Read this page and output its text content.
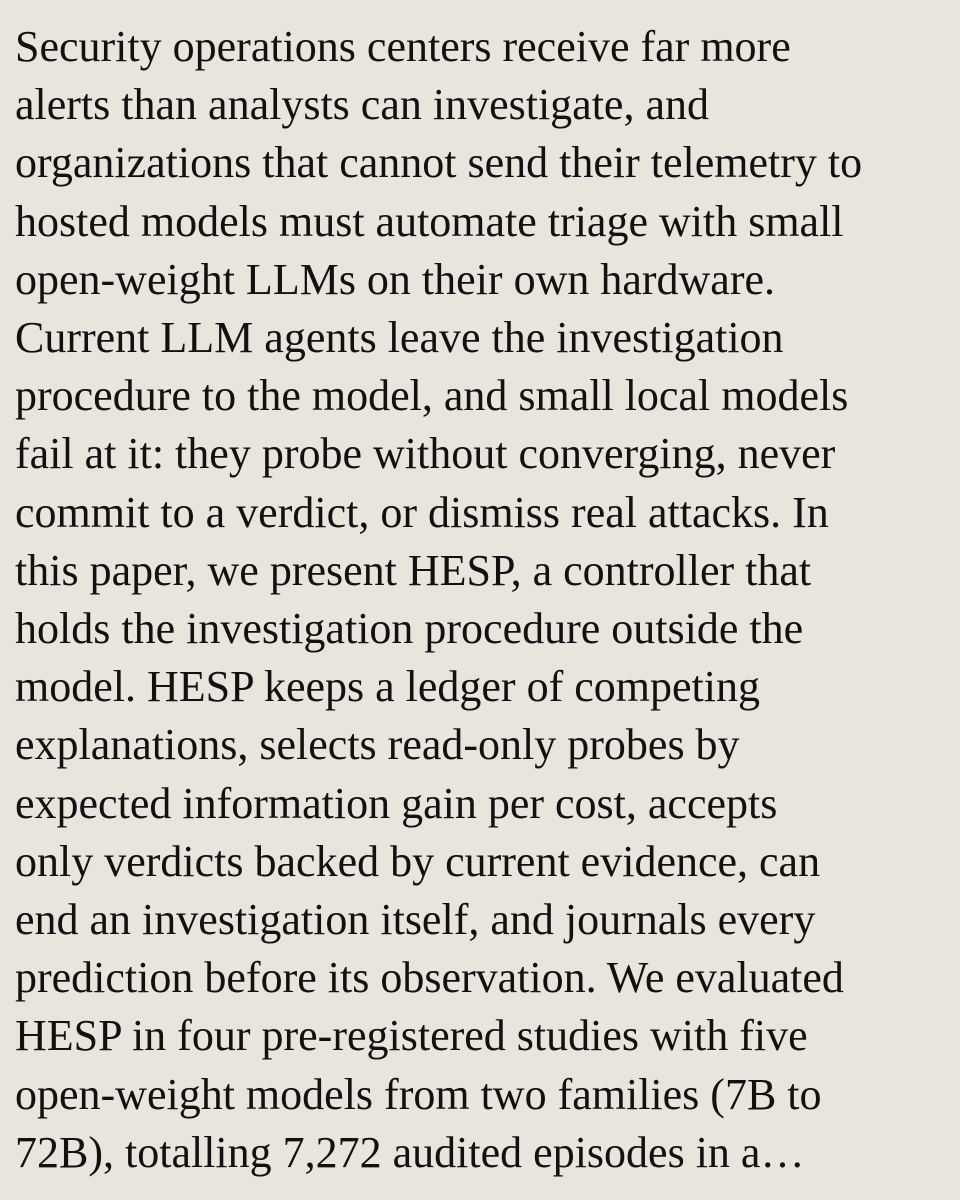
Security operations centers receive far more
alerts than analysts can investigate, and
organizations that cannot send their telemetry to
hosted models must automate triage with small
open-weight LLMs on their own hardware.
Current LLM agents leave the investigation
procedure to the model, and small local models
fail at it: they probe without converging, never
commit to a verdict, or dismiss real attacks. In
this paper, we present HESP, a controller that
holds the investigation procedure outside the
model. HESP keeps a ledger of competing
explanations, selects read-only probes by
expected information gain per cost, accepts
only verdicts backed by current evidence, can
end an investigation itself, and journals every
prediction before its observation. We evaluated
HESP in four pre-registered studies with five
open-weight models from two families (7B to
72B), totalling 7,272 audited episodes in a…
